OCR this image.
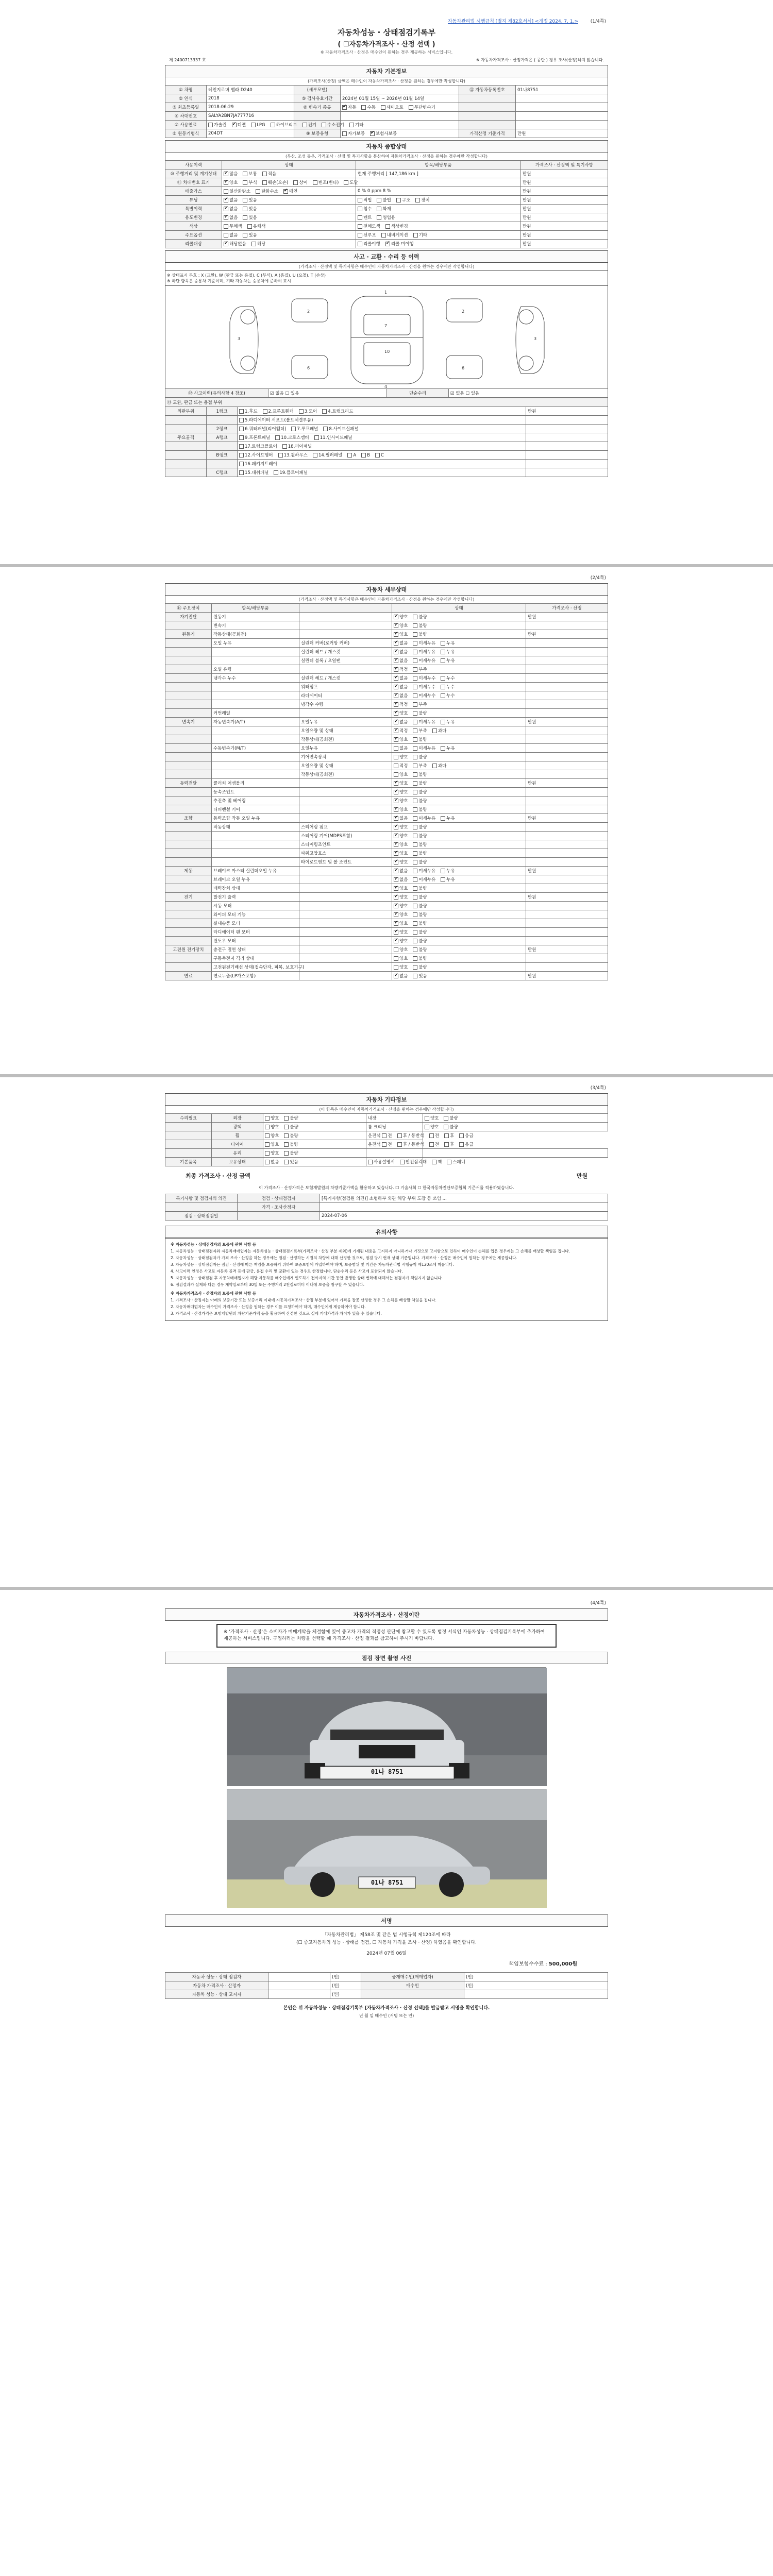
자동차관리법 시행규칙 [별지 제82호서식] <개정 2024. 7. 1.>	(1/4쪽)
자동차성능 · 상태점검기록부
( ☐자동차가격조사 · 산정 선택 )
※ 자동차가격조사 · 산정은 매수인이 원하는 경우 제공하는 서비스입니다.
제 2400713337 호	※ 자동차가격조사 · 산정가격은 ( 공란 ) 경우 조사(산정)하지 않습니다.
자동차 기본정보
(가격조사(산정) 금액은 매수인이 자동차가격조사 · 산정을 원하는 경우에만 작성합니다)
① 차명	레인지로버 벨라 D240	(세부모델)		⑫ 자동차등록번호	01나8751
② 연식	2018	⑤ 검사유효기간	2024년 01월 15일 ~ 2026년 01월 14일		
③ 최초등록일	2018-06-29	⑥ 변속기 종류	✔자동 수동 세미오토 무단변속기		
④ 차대번호	SALYA2BN7JA777716				
⑦ 사용연료	가솔린 ✔ 디젤 LPG 하이브리드 전기 수소전기 기타				
⑧ 원동기형식	204DT	⑨ 보증유형	자가보증 ✔ 보험사보증	가격산정 기준가격	만원
자동차 종합상태
(부산, 조성 등은, 가격조사 · 산정 및 특기사항을 통산하여 자동차가격조사 · 산정을 원하는 경우에만 작성합니다)
사용이력	상태	항목/해당부품	가격조사 · 산정액 및 특기사항
⑩ 주행거리 및 계기상태	✔많음 보통 적음	현재 주행거리 [ 147,186 km ]	만원
⑪ 차대번호 표기	✔양호 부식 훼손(오손) 상이 변조(변타) 도말		만원
배출가스	일산화탄소 탄화수소 ✔ 매연	0 % 0 ppm 8 %	만원
튜닝	✔없음 있음	적법 불법 구조 장치	만원
특별이력	✔없음 있음	침수 화재	만원
용도변경	✔없음 있음	렌트 영업용	만원
색상	무채색 유채색	전체도색 색상변경	만원
주요옵션	없음 있음	선루프 내비게이션 기타	만원
리콜대상	✔해당없음 해당	리콜이행 ✔ 리콜 미이행	만원
사고 · 교환 · 수리 등 이력
(가격조사 · 산정액 및 특기사항은 매수인이 자동차가격조사 · 산정을 원하는 경우에만 작성합니다)
※ 상태표시 부호 : X (교환), W (판금 또는 용접), C (부식), A (흠집), U (요철), T (손상)
※ 하단 항목은 승용차 기준이며, 기타 자동차는 승용차에 준하여 표시
1
4
7
10
3	3
2	2
6	6
⑫ 사고이력(유의사항 4 참조)	☑ 없음 ☐ 있음	단순수리	☑ 없음 ☐ 있음
⑬ 교환, 판금 또는 용접 부위			
외판부위	1랭크	1.후드 2.프론트휀더 3.도어 4.트렁크리드	만원
		5.라디에이터 서포트(볼트체결부품)	
	2랭크	6.쿼터패널(리어휀더) 7.루프패널 8.사이드실패널	
주요골격	A랭크	9.프론트패널 10.크로스멤버 11.인사이드패널	
		17.트렁크플로어 18.리어패널	
	B랭크	12.사이드멤버 13.휠하우스 14.필러패널 A B C	
		16.패키지트레이	
	C랭크	15.대쉬패널 19.플로어패널	
(2/4쪽)
자동차 세부상태
(가격조사 · 산정액 및 특기사항은 매수인이 자동차가격조사 · 산정을 원하는 경우에만 작성합니다)
⑭ 주요장치	항목/해당부품		상태	가격조사 · 산정
자기진단	원동기		✔양호 불량	만원
	변속기		✔양호 불량	
원동기	작동상태(공회전)		✔양호 불량	만원
	오일 누유	실린더 커버(로커암 커버)	✔없음 미세누유 누유	
		실린더 헤드 / 개스킷	✔없음 미세누유 누유	
		실린더 블록 / 오일팬	✔없음 미세누유 누유	
	오일 유량		✔적정 부족	
	냉각수 누수	실린더 헤드 / 개스킷	✔없음 미세누수 누수	
		워터펌프	✔없음 미세누수 누수	
		라디에이터	✔없음 미세누수 누수	
		냉각수 수량	✔적정 부족	
	커먼레일		✔양호 불량	
변속기	자동변속기(A/T)	오일누유	✔없음 미세누유 누유	만원
		오일유량 및 상태	✔적정 부족 과다	
		작동상태(공회전)	✔양호 불량	
	수동변속기(M/T)	오일누유	없음 미세누유 누유	
		기어변속장치	양호 불량	
		오일유량 및 상태	적정 부족 과다	
		작동상태(공회전)	양호 불량	
동력전달	클러치 어셈블리		✔양호 불량	만원
	등속조인트		✔양호 불량	
	추진축 및 베어링		✔양호 불량	
	디퍼렌셜 기어		✔양호 불량	
조향	동력조향 작동 오일 누유		✔없음 미세누유 누유	만원
	작동상태	스티어링 펌프	✔양호 불량	
		스티어링 기어(MDPS포함)	✔양호 불량	
		스티어링조인트	✔양호 불량	
		파워고압호스	✔양호 불량	
		타이로드엔드 및 볼 조인트	✔양호 불량	
제동	브레이크 마스터 실린더오일 누유		✔없음 미세누유 누유	만원
	브레이크 오일 누유		✔없음 미세누유 누유	
	배력장치 상태		✔양호 불량	
전기	발전기 출력		✔양호 불량	만원
	시동 모터		✔양호 불량	
	와이퍼 모터 기능		✔양호 불량	
	실내송풍 모터		✔양호 불량	
	라디에이터 팬 모터		✔양호 불량	
	윈도우 모터		✔양호 불량	
고전원 전기장치	충전구 절연 상태		양호 불량	만원
	구동축전지 격리 상태		양호 불량	
	고전원전기배선 상태(접속단자, 피복, 보호기구)		양호 불량	
연료	연료누출(LP가스포함)		✔없음 있음	만원
(3/4쪽)
자동차 기타정보
(이 항목은 매수인이 자동차가격조사 · 산정을 원하는 경우에만 작성합니다)
수리필요	외장	양호 불량	내장	양호 불량
	광택	양호 불량	룸 크리닝	양호 불량
	휠	양호 불량	운전석 전 후 / 동반석 전 후 응급	
	타이어	양호 불량	운전석 전 후 / 동반석 전 후 응급	
	유리	양호 불량		
기본품목	보유상태	없음 있음	사용설명서 안전삼각대 잭 스패너	
최종 가격조사 · 산정 금액	만원
이 가격조사 · 산정가격은 보험개발원의 차량기준가액을 활용하고 있습니다. ☐ 기술사회 ☐ 한국자동차진단보증협회 기준서를 적용하였습니다.
특기사항 및 점검자의 의견	점검 · 상태점검자	[특기사항(점검원 의견)] 소형하부 외관 해당 부위 도장 등 쓰임 ...
	가격 · 조사산정자	
점검 · 상태점검일		2024-07-06
유의사항

※ 자동차성능 · 상태점검자의 보증에 관한 사항 등

1. 자동차성능 · 상태점검자와 자동차매매업자는 자동차성능 · 상태점검기록부(가격조사 · 산정 부분 제외)에 기재된 내용을 고지하지 아니하거나 거짓으로 고지함으로 인하여 매수인이 손해를 입은 경우에는 그 손해를 배상할 책임을 집니다.

2. 자동차성능 · 상태점검자가 가격 조사 · 산정을 하는 경우에는 점검 · 산정하는 시점의 차량에 대해 산정한 것으로, 점검 당시 현재 상태 기준입니다. 가격조사 · 산정은 매수인이 원하는 경우에만 제공합니다.

3. 자동차성능 · 상태점검자는 점검 · 산정에 따른 책임을 보증하기 위하여 보증보험에 가입하여야 하며, 보증범위 및 기간은 자동차관리법 시행규칙 제120조에 따릅니다.

4. 사고이력 인정은 사고로 자동차 골격 등에 판금, 용접 수리 및 교환이 있는 경우로 한정합니다. 단순수리 등은 사고에 포함되지 않습니다.

5. 자동차성능 · 상태점검 후 자동차매매업자가 해당 자동차를 매수인에게 인도하기 전까지의 기간 동안 발생한 상태 변화에 대해서는 점검자가 책임지지 않습니다.

6. 점검결과가 실제와 다른 경우 계약일로부터 30일 또는 주행거리 2천킬로미터 이내에 보증을 청구할 수 있습니다.

※ 자동차가격조사 · 산정자의 보증에 관한 사항 등

1. 가격조사 · 산정자는 아래의 보증기간 또는 보증거리 이내에 자동차가격조사 · 산정 부분에 있어서 가격을 잘못 산정한 경우 그 손해를 배상할 책임을 집니다.

2. 자동차매매업자는 매수인이 가격조사 · 산정을 원하는 경우 이를 요청하여야 하며, 매수인에게 제공하여야 합니다.

3. 가격조사 · 산정가격은 보험개발원의 차량기준가액 등을 활용하여 산정한 것으로 실제 거래가격과 차이가 있을 수 있습니다.

(4/4쪽)
자동차가격조사 · 산정이란
※ '가격조사 · 산정'은 소비자가 매매계약을 체결함에 있어 중고차 가격의 적정성 판단에 참고할 수 있도록 법정 서식인 자동차성능 · 상태점검기록부에 추가하여 제공하는 서비스입니다. 구입하려는 차량을 선택할 때 가격조사 · 산정 결과를 참고하여 주시기 바랍니다.
점검 장면 촬영 사진
01나 8751
01나 8751
서명
「자동차관리법」 제58조 및 같은 법 시행규칙 제120조에 따라
(☐ 중고자동차의 성능 · 상태를 점검, ☐ 자동차 가격을 조사 · 산정) 하였음을 확인합니다.
2024년 07월 06일
책임보험수수료 : 500,000원
자동차 성능 · 상태 점검자		(인)	중개매수인(매매업자)	(인)
자동차 가격조사 · 산정자		(인)	매수인	(인)
자동차 성능 · 상태 고지자		(인)		
본인은 위 자동차성능 · 상태점검기록부 [자동차가격조사 · 산정 선택]를 발급받고 서명을 확인합니다.
년 월 일 매수인 (서명 또는 인)
